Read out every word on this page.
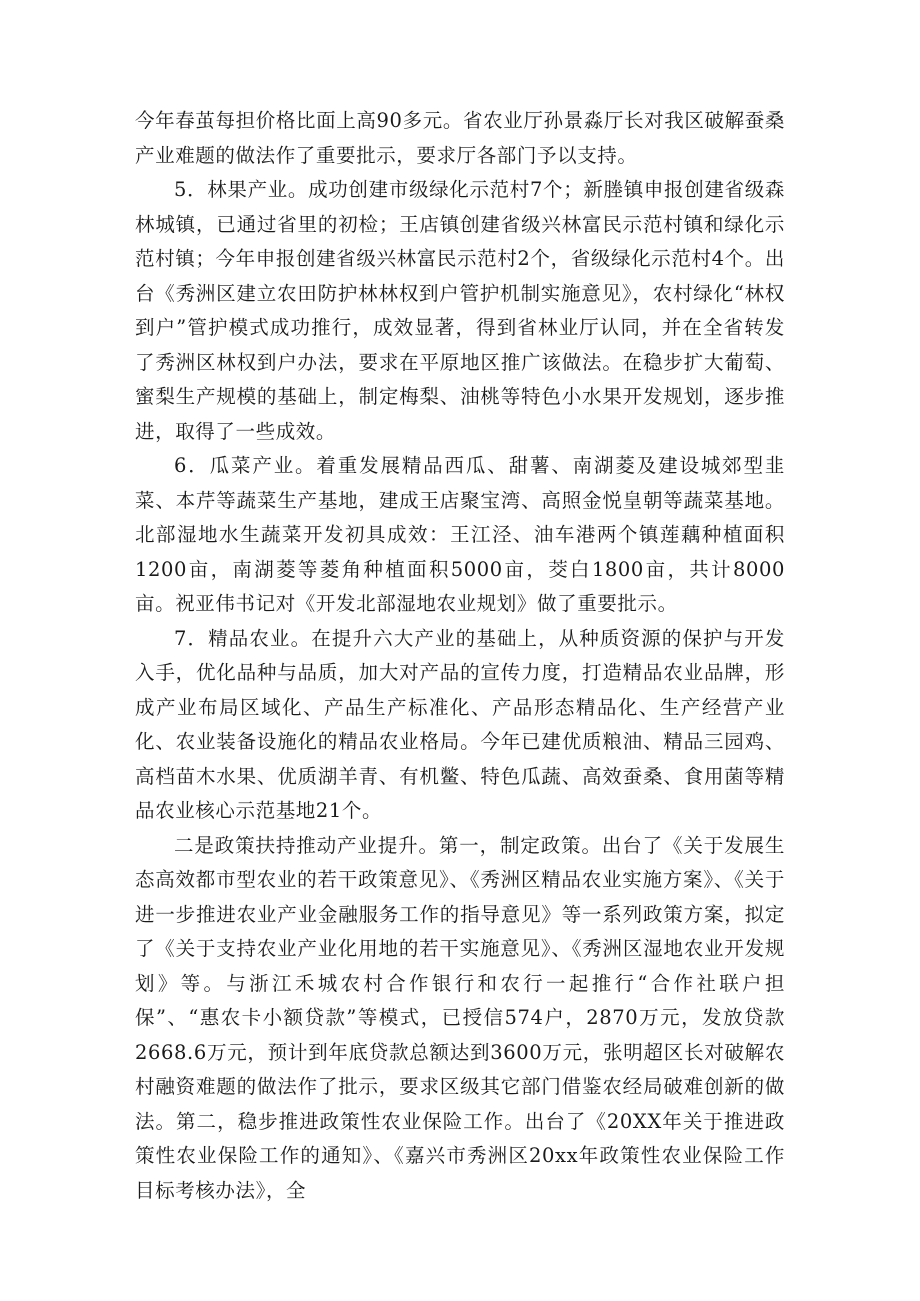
今年春茧每担价格比面上高90多元。省农业厅孙景淼厅长对我区破解蚕桑产业难题的做法作了重要批示，要求厅各部门予以支持。

5．林果产业。成功创建市级绿化示范村7个；新塍镇申报创建省级森林城镇，已通过省里的初检；王店镇创建省级兴林富民示范村镇和绿化示范村镇；今年申报创建省级兴林富民示范村2个，省级绿化示范村4个。出台《秀洲区建立农田防护林林权到户管护机制实施意见》，农村绿化“林权到户”管护模式成功推行，成效显著，得到省林业厅认同，并在全省转发了秀洲区林权到户办法，要求在平原地区推广该做法。在稳步扩大葡萄、蜜梨生产规模的基础上，制定梅梨、油桃等特色小水果开发规划，逐步推进，取得了一些成效。

6．瓜菜产业。着重发展精品西瓜、甜薯、南湖菱及建设城郊型韭菜、本芹等蔬菜生产基地，建成王店聚宝湾、高照金悦皇朝等蔬菜基地。北部湿地水生蔬菜开发初具成效：王江泾、油车港两个镇莲藕种植面积1200亩，南湖菱等菱角种植面积5000亩，茭白1800亩，共计8000亩。祝亚伟书记对《开发北部湿地农业规划》做了重要批示。

7．精品农业。在提升六大产业的基础上，从种质资源的保护与开发入手，优化品种与品质，加大对产品的宣传力度，打造精品农业品牌，形成产业布局区域化、产品生产标准化、产品形态精品化、生产经营产业化、农业装备设施化的精品农业格局。今年已建优质粮油、精品三园鸡、高档苗木水果、优质湖羊青、有机鳖、特色瓜蔬、高效蚕桑、食用菌等精品农业核心示范基地21个。

二是政策扶持推动产业提升。第一，制定政策。出台了《关于发展生态高效都市型农业的若干政策意见》、《秀洲区精品农业实施方案》、《关于进一步推进农业产业金融服务工作的指导意见》等一系列政策方案，拟定了《关于支持农业产业化用地的若干实施意见》、《秀洲区湿地农业开发规划》等。与浙江禾城农村合作银行和农行一起推行“合作社联户担保”、“惠农卡小额贷款”等模式，已授信574户，2870万元，发放贷款2668.6万元，预计到年底贷款总额达到3600万元，张明超区长对破解农村融资难题的做法作了批示，要求区级其它部门借鉴农经局破难创新的做法。第二，稳步推进政策性农业保险工作。出台了《20XX年关于推进政策性农业保险工作的通知》、《嘉兴市秀洲区20xx年政策性农业保险工作目标考核办法》，全
